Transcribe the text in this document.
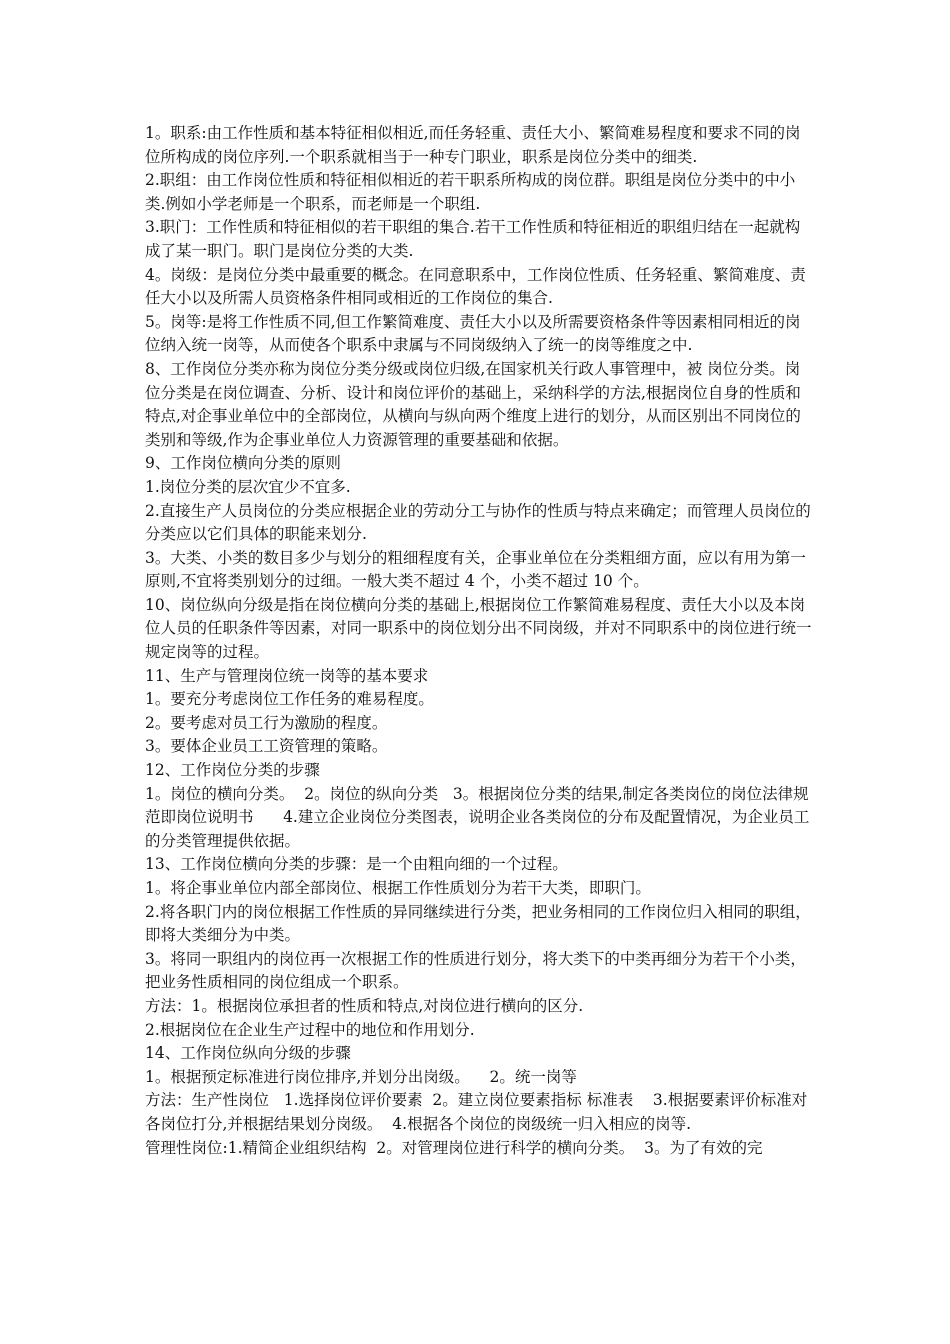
1。职系:由工作性质和基本特征相似相近,而任务轻重、责任大小、繁简难易程度和要求不同的岗位所构成的岗位序列.一个职系就相当于一种专门职业，职系是岗位分类中的细类.

2.职组：由工作岗位性质和特征相似相近的若干职系所构成的岗位群。职组是岗位分类中的中小类.例如小学老师是一个职系，而老师是一个职组.

3.职门：工作性质和特征相似的若干职组的集合.若干工作性质和特征相近的职组归结在一起就构成了某一职门。职门是岗位分类的大类.

4。岗级：是岗位分类中最重要的概念。在同意职系中，工作岗位性质、任务轻重、繁简难度、责任大小以及所需人员资格条件相同或相近的工作岗位的集合.

5。岗等:是将工作性质不同,但工作繁简难度、责任大小以及所需要资格条件等因素相同相近的岗位纳入统一岗等，从而使各个职系中隶属与不同岗级纳入了统一的岗等维度之中.

8、工作岗位分类亦称为岗位分类分级或岗位归级,在国家机关行政人事管理中，被 岗位分类。岗位分类是在岗位调查、分析、设计和岗位评价的基础上，采纳科学的方法,根据岗位自身的性质和特点,对企事业单位中的全部岗位，从横向与纵向两个维度上进行的划分，从而区别出不同岗位的类别和等级,作为企事业单位人力资源管理的重要基础和依据。

9、工作岗位横向分类的原则

1.岗位分类的层次宜少不宜多.

2.直接生产人员岗位的分类应根据企业的劳动分工与协作的性质与特点来确定；而管理人员岗位的分类应以它们具体的职能来划分.

3。大类、小类的数目多少与划分的粗细程度有关，企事业单位在分类粗细方面，应以有用为第一原则,不宜将类别划分的过细。一般大类不超过 4 个，小类不超过 10 个。

10、岗位纵向分级是指在岗位横向分类的基础上,根据岗位工作繁简难易程度、责任大小以及本岗位人员的任职条件等因素，对同一职系中的岗位划分出不同岗级，并对不同职系中的岗位进行统一规定岗等的过程。

11、生产与管理岗位统一岗等的基本要求

1。要充分考虑岗位工作任务的难易程度。

2。要考虑对员工行为激励的程度。

3。要体企业员工工资管理的策略。

12、工作岗位分类的步骤

1。岗位的横向分类。  2。岗位的纵向分类   3。根据岗位分类的结果,制定各类岗位的岗位法律规范即岗位说明书      4.建立企业岗位分类图表，说明企业各类岗位的分布及配置情况，为企业员工的分类管理提供依据。

13、工作岗位横向分类的步骤：是一个由粗向细的一个过程。

1。将企事业单位内部全部岗位、根据工作性质划分为若干大类，即职门。

2.将各职门内的岗位根据工作性质的异同继续进行分类，把业务相同的工作岗位归入相同的职组，即将大类细分为中类。

3。将同一职组内的岗位再一次根据工作的性质进行划分，将大类下的中类再细分为若干个小类，把业务性质相同的岗位组成一个职系。

方法：1。根据岗位承担者的性质和特点,对岗位进行横向的区分.

2.根据岗位在企业生产过程中的地位和作用划分.

14、工作岗位纵向分级的步骤

1。根据预定标准进行岗位排序,并划分出岗级。    2。统一岗等

方法：生产性岗位   1.选择岗位评价要素  2。建立岗位要素指标 标准表    3.根据要素评价标准对各岗位打分,并根据结果划分岗级。  4.根据各个岗位的岗级统一归入相应的岗等.

管理性岗位:1.精简企业组织结构  2。对管理岗位进行科学的横向分类。  3。为了有效的完
